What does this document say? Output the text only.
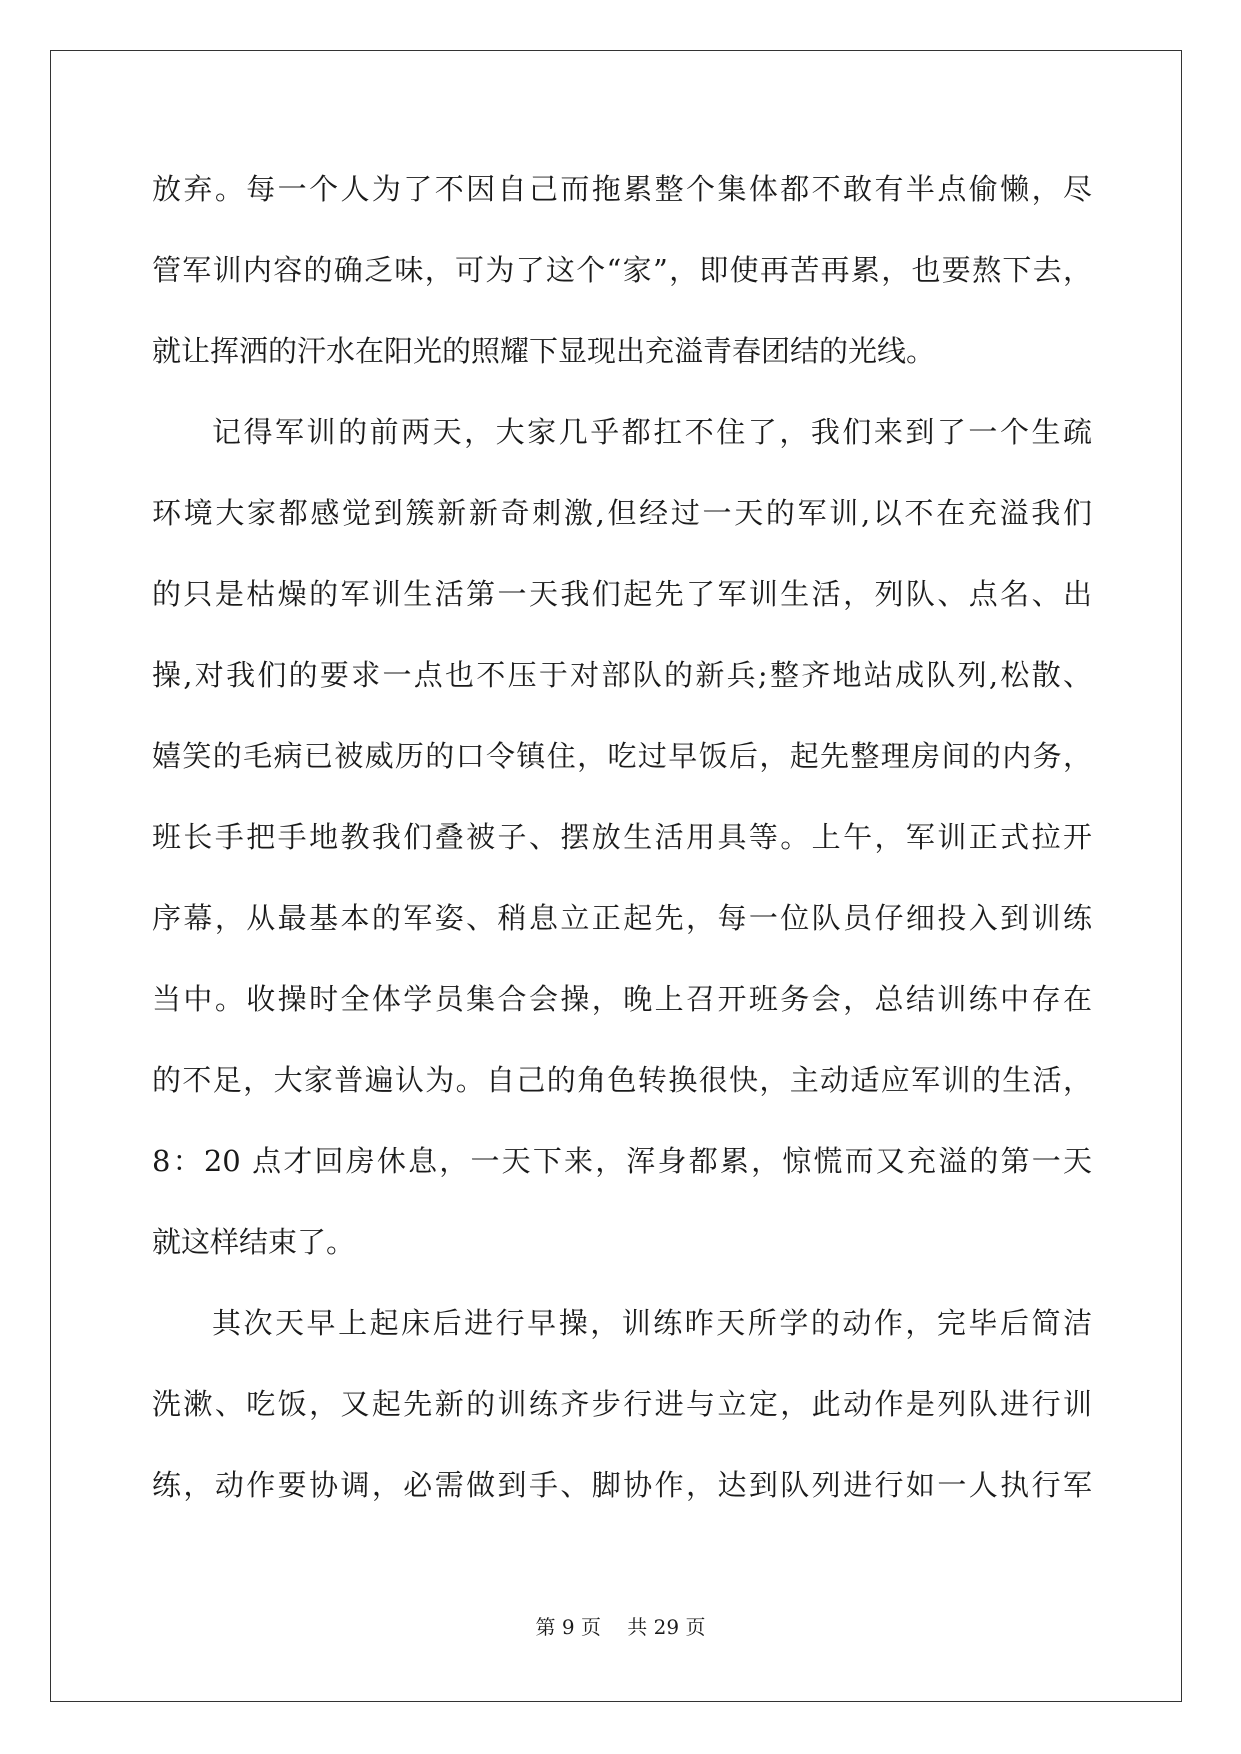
放弃。每一个人为了不因自己而拖累整个集体都不敢有半点偷懒，尽
管军训内容的确乏味，可为了这个“家”，即使再苦再累，也要熬下去，
就让挥洒的汗水在阳光的照耀下显现出充溢青春团结的光线。
记得军训的前两天，大家几乎都扛不住了，我们来到了一个生疏
环境大家都感觉到簇新新奇刺激,但经过一天的军训,以不在充溢我们
的只是枯燥的军训生活第一天我们起先了军训生活，列队、点名、出
操,对我们的要求一点也不压于对部队的新兵;整齐地站成队列,松散、
嬉笑的毛病已被威历的口令镇住，吃过早饭后，起先整理房间的内务，
班长手把手地教我们叠被子、摆放生活用具等。上午，军训正式拉开
序幕，从最基本的军姿、稍息立正起先，每一位队员仔细投入到训练
当中。收操时全体学员集合会操，晚上召开班务会，总结训练中存在
的不足，大家普遍认为。自己的角色转换很快，主动适应军训的生活，
8：20 点才回房休息，一天下来，浑身都累，惊慌而又充溢的第一天
就这样结束了。
其次天早上起床后进行早操，训练昨天所学的动作，完毕后简洁
洗漱、吃饭，又起先新的训练齐步行进与立定，此动作是列队进行训
练，动作要协调，必需做到手、脚协作，达到队列进行如一人执行军
第 9 页　 共 29 页
